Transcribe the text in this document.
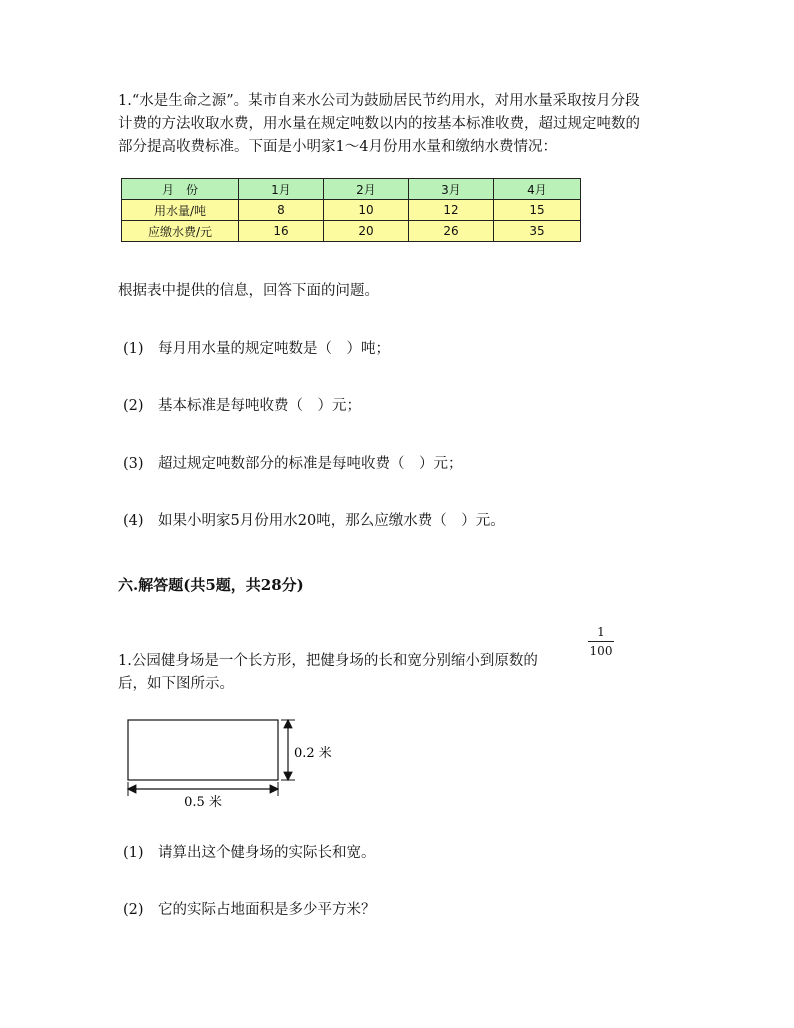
1.“水是生命之源”。某市自来水公司为鼓励居民节约用水，对用水量采取按月分段
计费的方法收取水费，用水量在规定吨数以内的按基本标准收费，超过规定吨数的
部分提高收费标准。下面是小明家1～4月份用水量和缴纳水费情况：
月　份	1月	2月	3月	4月
用水量/吨	8	10	12	15
应缴水费/元	16	20	26	35
根据表中提供的信息，回答下面的问题。
(1)　每月用水量的规定吨数是（　）吨；
(2)　基本标准是每吨收费（　）元；
(3)　超过规定吨数部分的标准是每吨收费（　）元；
(4)　如果小明家5月份用水20吨，那么应缴水费（　）元。
六.解答题(共5题，共28分)
1
100
1.公园健身场是一个长方形，把健身场的长和宽分别缩小到原数的
后，如下图所示。
0.2 米
0.5 米
(1)　请算出这个健身场的实际长和宽。
(2)　它的实际占地面积是多少平方米？
